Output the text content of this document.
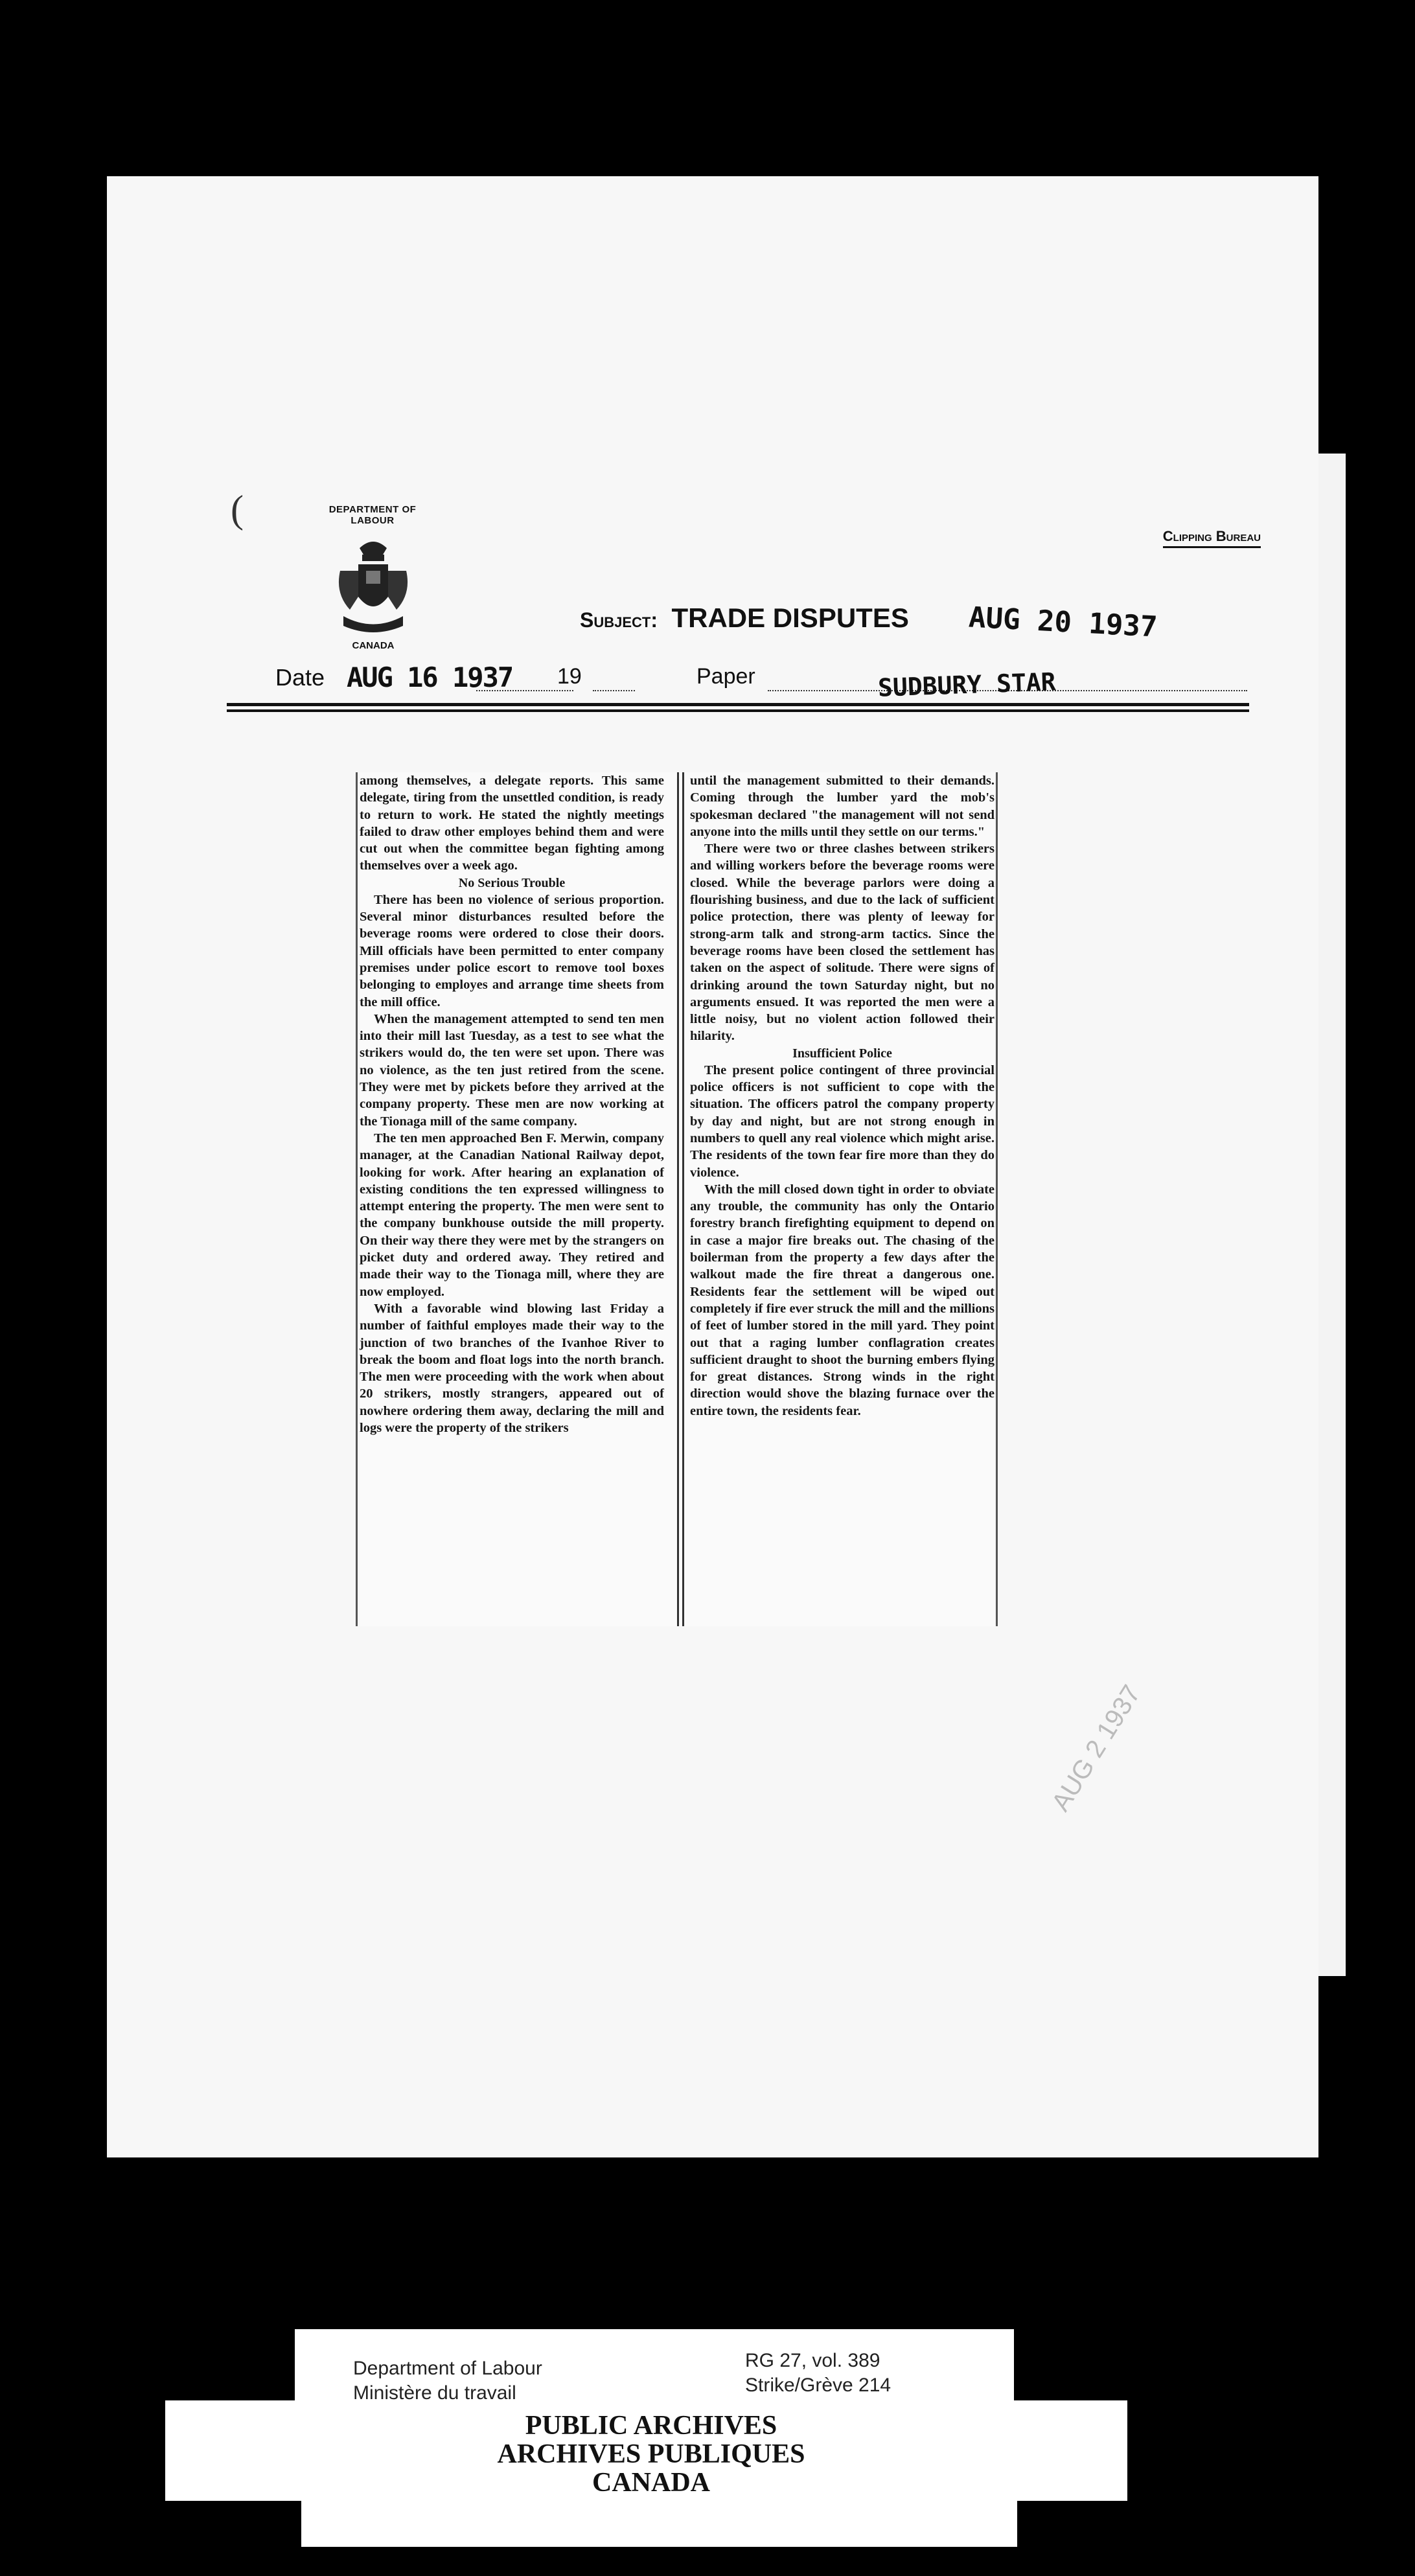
(	DEPARTMENT OF LABOUR
CANADA
Clipping Bureau
Subject: TRADE DISPUTES AUG 20 1937
Date AUG 16 1937 19	Paper	SUDBURY STAR

among themselves, a delegate reports. This same delegate, tiring from the unsettled condition, is ready to return to work. He stated the nightly meetings failed to draw other employes behind them and were cut out when the committee began fighting among themselves over a week ago.

No Serious Trouble

There has been no violence of serious proportion. Several minor disturbances resulted before the beverage rooms were ordered to close their doors. Mill officials have been permitted to enter company premises under police escort to remove tool boxes belonging to employes and arrange time sheets from the mill office.

When the management attempted to send ten men into their mill last Tuesday, as a test to see what the strikers would do, the ten were set upon. There was no violence, as the ten just retired from the scene. They were met by pickets before they arrived at the company property. These men are now working at the Tionaga mill of the same company.

The ten men approached Ben F. Merwin, company manager, at the Canadian National Railway depot, looking for work. After hearing an explanation of existing conditions the ten expressed willingness to attempt entering the property. The men were sent to the company bunkhouse outside the mill property. On their way there they were met by the strangers on picket duty and ordered away. They retired and made their way to the Tionaga mill, where they are now employed.

With a favorable wind blowing last Friday a number of faithful employes made their way to the junction of two branches of the Ivanhoe River to break the boom and float logs into the north branch. The men were proceeding with the work when about 20 strikers, mostly strangers, appeared out of nowhere ordering them away, declaring the mill and logs were the property of the strikers

until the management submitted to their demands. Coming through the lumber yard the mob's spokesman declared "the management will not send anyone into the mills until they settle on our terms."

There were two or three clashes between strikers and willing workers before the beverage rooms were closed. While the beverage parlors were doing a flourishing business, and due to the lack of sufficient police protection, there was plenty of leeway for strong-arm talk and strong-arm tactics. Since the beverage rooms have been closed the settlement has taken on the aspect of solitude. There were signs of drinking around the town Saturday night, but no arguments ensued. It was reported the men were a little noisy, but no violent action followed their hilarity.

Insufficient Police

The present police contingent of three provincial police officers is not sufficient to cope with the situation. The officers patrol the company property by day and night, but are not strong enough in numbers to quell any real violence which might arise. The residents of the town fear fire more than they do violence.

With the mill closed down tight in order to obviate any trouble, the community has only the Ontario forestry branch firefighting equipment to depend on in case a major fire breaks out. The chasing of the boilerman from the property a few days after the walkout made the fire threat a dangerous one. Residents fear the settlement will be wiped out completely if fire ever struck the mill and the millions of feet of lumber stored in the mill yard. They point out that a raging lumber conflagration creates sufficient draught to shoot the burning embers flying for great distances. Strong winds in the right direction would shove the blazing furnace over the entire town, the residents fear.

AUG 2 1937
Department of Labour
Ministère du travail
RG 27, vol. 389
Strike/Grève 214
PUBLIC ARCHIVES
ARCHIVES PUBLIQUES
CANADA
